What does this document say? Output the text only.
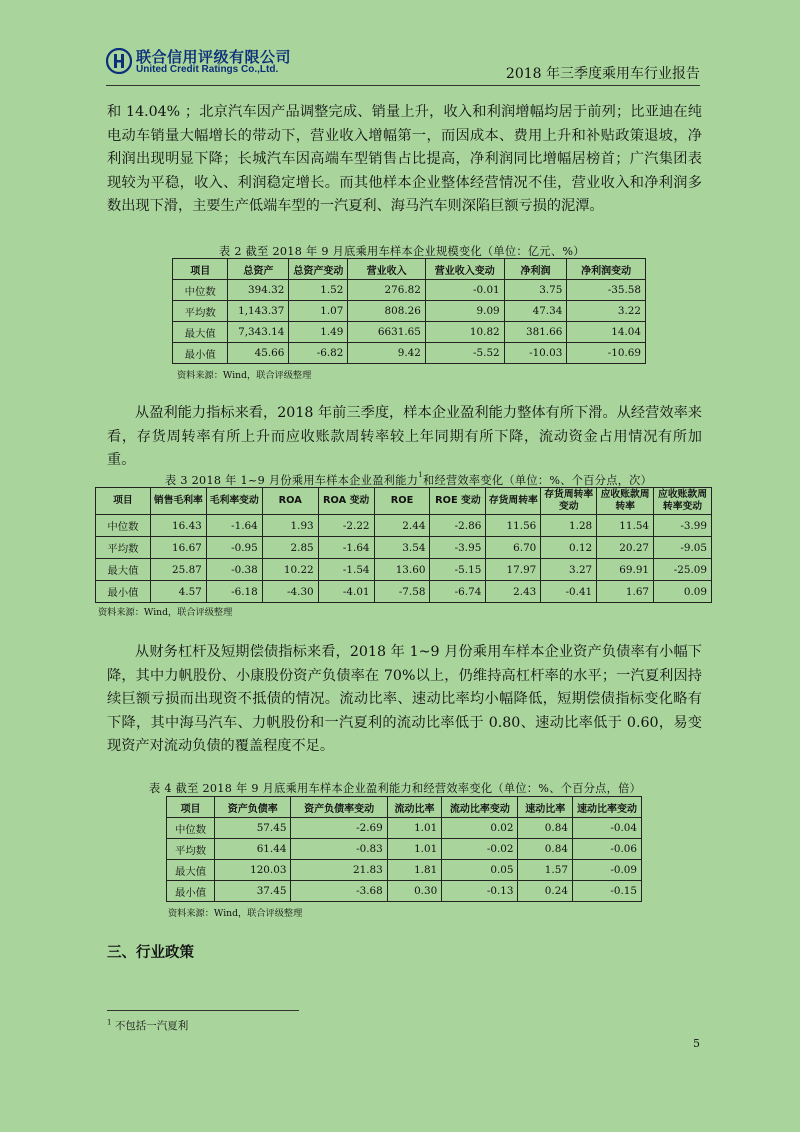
联合信用评级有限公司
United Credit Ratings Co.,Ltd.	2018 年三季度乘用车行业报告

和 14.04% ；北京汽车因产品调整完成、销量上升，收入和利润增幅均居于前列；比亚迪在纯电动车销量大幅增长的带动下，营业收入增幅第一，而因成本、费用上升和补贴政策退坡，净利润出现明显下降；长城汽车因高端车型销售占比提高，净利润同比增幅居榜首；广汽集团表现较为平稳，收入、利润稳定增长。而其他样本企业整体经营情况不佳，营业收入和净利润多数出现下滑，主要生产低端车型的一汽夏利、海马汽车则深陷巨额亏损的泥潭。

表 2 截至 2018 年 9 月底乘用车样本企业规模变化（单位：亿元、%）
项目	总资产	总资产变动	营业收入	营业收入变动	净利润	净利润变动
中位数	394.32	1.52	276.82	-0.01	3.75	-35.58
平均数	1,143.37	1.07	808.26	9.09	47.34	3.22
最大值	7,343.14	1.49	6631.65	10.82	381.66	14.04
最小值	45.66	-6.82	9.42	-5.52	-10.03	-10.69
资料来源：Wind，联合评级整理

从盈利能力指标来看，2018 年前三季度，样本企业盈利能力整体有所下滑。从经营效率来看，存货周转率有所上升而应收账款周转率较上年同期有所下降，流动资金占用情况有所加重。

表 3 2018 年 1~9 月份乘用车样本企业盈利能力$^1$和经营效率变化（单位：%、个百分点，次）
项目	销售毛利率	毛利率变动	ROA	ROA 变动	ROE	ROE 变动	存货周转率	存货周转率变动	应收账款周转率	应收账款周转率变动
中位数	16.43	-1.64	1.93	-2.22	2.44	-2.86	11.56	1.28	11.54	-3.99
平均数	16.67	-0.95	2.85	-1.64	3.54	-3.95	6.70	0.12	20.27	-9.05
最大值	25.87	-0.38	10.22	-1.54	13.60	-5.15	17.97	3.27	69.91	-25.09
最小值	4.57	-6.18	-4.30	-4.01	-7.58	-6.74	2.43	-0.41	1.67	0.09
资料来源：Wind，联合评级整理

从财务杠杆及短期偿债指标来看，2018 年 1~9 月份乘用车样本企业资产负债率有小幅下降，其中力帆股份、小康股份资产负债率在 70%以上，仍维持高杠杆率的水平；一汽夏利因持续巨额亏损而出现资不抵债的情况。流动比率、速动比率均小幅降低，短期偿债指标变化略有下降，其中海马汽车、力帆股份和一汽夏利的流动比率低于 0.80、速动比率低于 0.60，易变现资产对流动负债的覆盖程度不足。

表 4 截至 2018 年 9 月底乘用车样本企业盈利能力和经营效率变化（单位：%、个百分点，倍）
项目	资产负债率	资产负债率变动	流动比率	流动比率变动	速动比率	速动比率变动
中位数	57.45	-2.69	1.01	0.02	0.84	-0.04
平均数	61.44	-0.83	1.01	-0.02	0.84	-0.06
最大值	120.03	21.83	1.81	0.05	1.57	-0.09
最小值	37.45	-3.68	0.30	-0.13	0.24	-0.15
资料来源：Wind，联合评级整理
三、行业政策
$^1$ 不包括一汽夏利
5
